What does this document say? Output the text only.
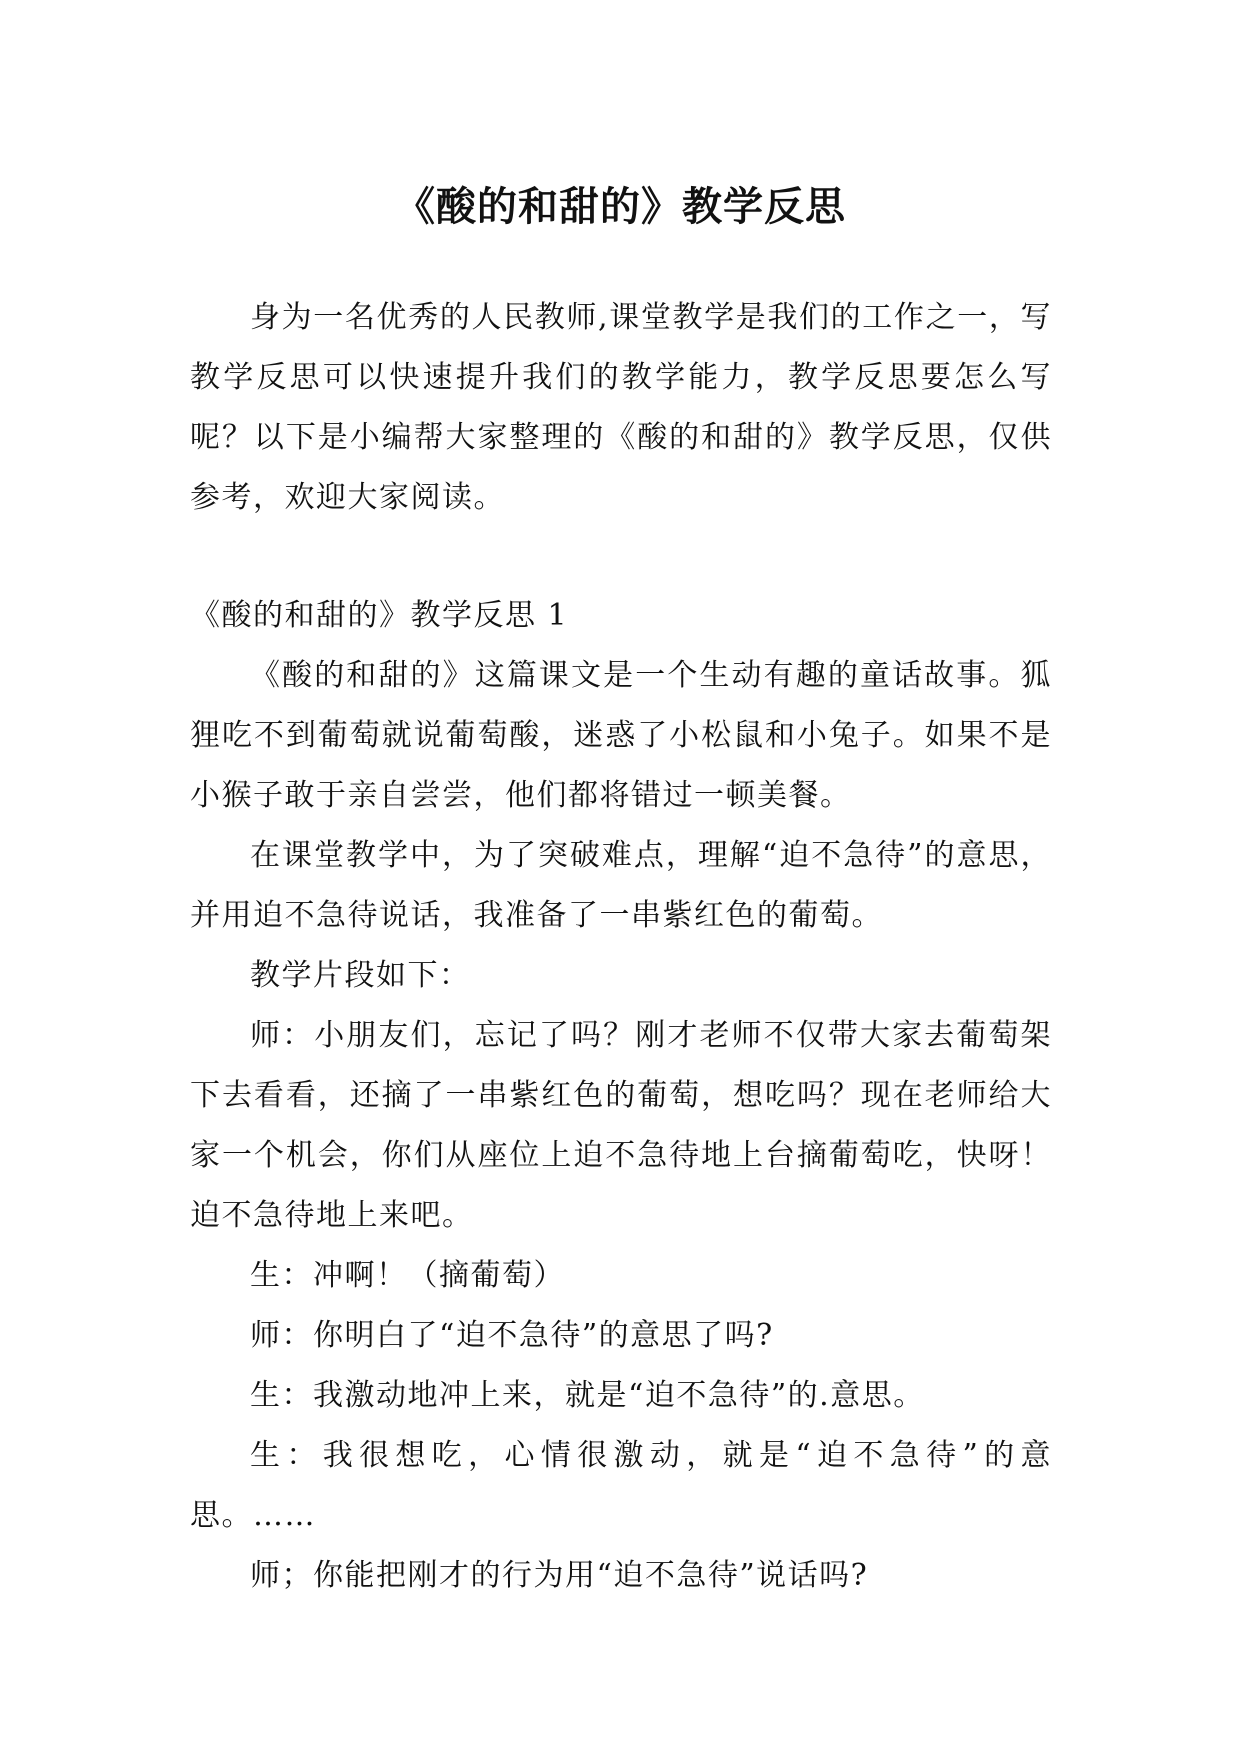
《酸的和甜的》教学反思

身为一名优秀的人民教师,课堂教学是我们的工作之一，写教学反思可以快速提升我们的教学能力，教学反思要怎么写呢？以下是小编帮大家整理的《酸的和甜的》教学反思，仅供参考，欢迎大家阅读。

《酸的和甜的》教学反思 1

《酸的和甜的》这篇课文是一个生动有趣的童话故事。狐狸吃不到葡萄就说葡萄酸，迷惑了小松鼠和小兔子。如果不是小猴子敢于亲自尝尝，他们都将错过一顿美餐。

在课堂教学中，为了突破难点，理解“迫不急待”的意思，并用迫不急待说话，我准备了一串紫红色的葡萄。

教学片段如下：

师：小朋友们，忘记了吗？刚才老师不仅带大家去葡萄架下去看看，还摘了一串紫红色的葡萄，想吃吗？现在老师给大家一个机会，你们从座位上迫不急待地上台摘葡萄吃，快呀！迫不急待地上来吧。

生：冲啊！（摘葡萄）

师：你明白了“迫不急待”的意思了吗?

生：我激动地冲上来，就是“迫不急待”的.意思。

生：我很想吃，心情很激动，就是“迫不急待”的意思。……

师；你能把刚才的行为用“迫不急待”说话吗?
